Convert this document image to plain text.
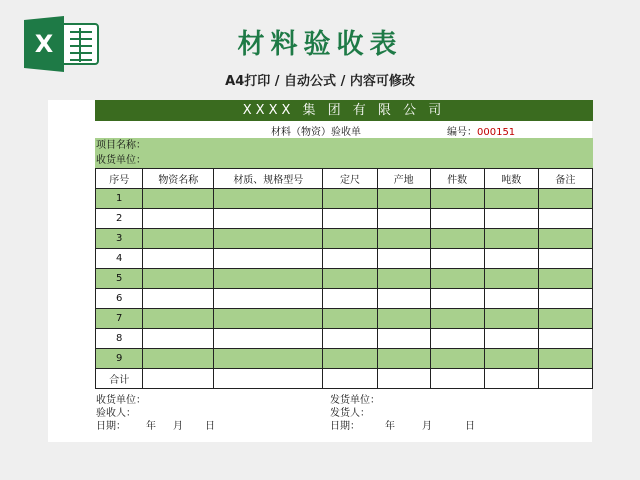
X	材料验收表
A4打印 / 自动公式 / 内容可修改
XXXX 集 团 有 限 公 司
材料（物资）验收单	编号：000151
项目名称：
收货单位：
序号	物资名称	材质、规格型号	定尺	产地	件数	吨数	备注
1							
2							
3							
4							
5							
6							
7							
8							
9							
合计							
收货单位：
验收人：
日期： 年 月 日
发货单位：
发货人：
日期：	年	月	日
